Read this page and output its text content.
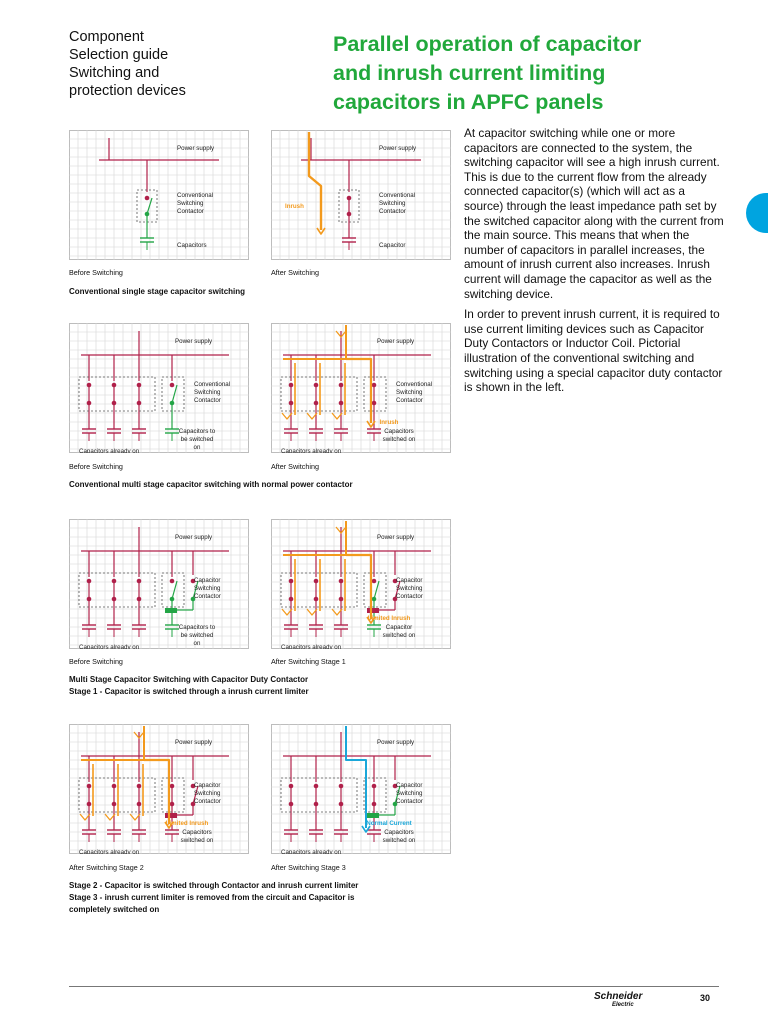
Component
Selection guide
Switching and
protection devices
Parallel operation of capacitor
and inrush current limiting
capacitors in APFC panels

At capacitor switching while one or more capacitors are connected to the system, the switching capacitor will see a high inrush current. This is due to the current flow from the already connected capacitor(s) (which will act as a source) through the least impedance path set by the switched capacitor along with the current from the main source. This means that when the number of capacitors in parallel increases, the amount of inrush current also increases. Inrush current will damage the capacitor as well as the switching device.

In order to prevent inrush current, it is required to use current limiting devices such as Capacitor Duty Contactors or Inductor Coil. Pictorial illustration of the conventional switching and switching using a special capacitor duty contactor is shown in the left.

Power supply
Conventional Switching Contactor
Capacitors
Power supply
Conventional Switching Contactor
Capacitor
Inrush
Power supply
Conventional Switching Contactor
Capacitors already on
Capacitors to be switched on
Power supply
Conventional Switching Contactor
Capacitors already on
Capacitors switched on
Inrush
Power supply
Capacitor Switching Contactor
Capacitors already on
Capacitors to be switched on
Power supply
Capacitor Switching Contactor
Capacitors already on
Capacitor switched on
Limited Inrush
Power supply
Capacitor Switching Contactor
Capacitors already on
Capacitors switched on
Limited Inrush
Power supply
Capacitor Switching Contactor
Capacitors already on
Capacitors switched on
Normal Current
Before Switching	After Switching
Before Switching	After Switching
Before Switching	After Switching Stage 1
After Switching Stage 2	After Switching Stage 3
Conventional single stage capacitor switching
Conventional multi stage capacitor switching with normal power contactor
Multi Stage Capacitor Switching with Capacitor Duty Contactor
Stage 1 - Capacitor is switched through a inrush current limiter
Stage 2 - Capacitor is switched through Contactor and inrush current limiter
Stage 3 - inrush current limiter is removed from the circuit and Capacitor is
completely switched on
Schneider
Electric
30
